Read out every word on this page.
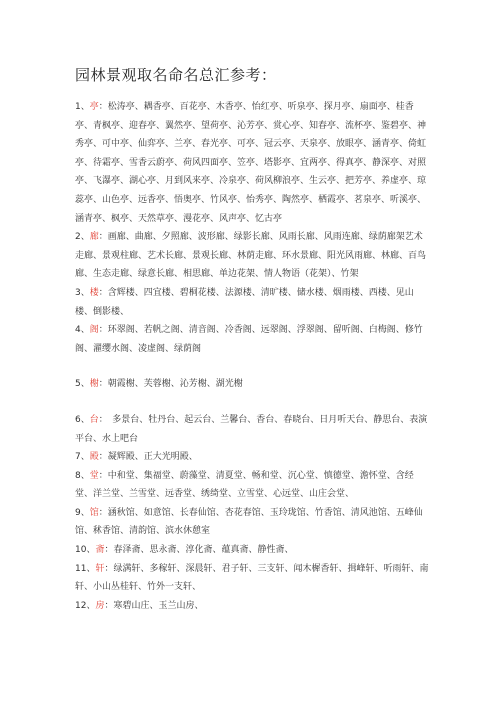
园林景观取名命名总汇参考：

1、亭：松涛亭、耦香亭、百花亭、木香亭、怡红亭、听泉亭、探月亭、扇面亭、桂香亭、青枫亭、迎春亭、翼然亭、望荷亭、沁芳亭、赏心亭、知春亭、流杯亭、鉴碧亭、神秀亭、可中亭、仙弈亭、兰亭、春光亭、可亭、冠云亭、天泉亭、放眼亭、涵青亭、倚虹亭、待霜亭、雪香云蔚亭、荷风四面亭、笠亭、塔影亭、宜两亭、得真亭、静深亭、对照亭、飞瀑亭、湖心亭、月到风来亭、冷泉亭、荷风柳浪亭、生云亭、把芳亭、养虚亭、琼蕊亭、山色亭、远香亭、悟奥亭、竹风亭、怡秀亭、陶然亭、栖霞亭、茗泉亭、听溪亭、涵青亭、枫亭、天然草亭、漫花亭、风声亭、忆古亭

2、廊：画廊、曲廊、夕照廊、波形廊、绿影长廊、风雨长廊、风雨连廊、绿荫廊架艺术走廊、景观柱廊、艺术长廊、景观长廊、林荫走廊、环水景廊、阳光风雨廊、林廊、百鸟廊、生态走廊、绿意长廊、相思廊、单边花架、情人物语（花架）、竹架

3、楼：含辉楼、四宜楼、碧桐花楼、法源楼、清旷楼、储水楼、烟雨楼、西楼、见山楼、倒影楼、

4、阁：环翠阁、若帆之阁、清音阁、冷香阁、远翠阁、浮翠阁、留听阁、白梅阁、修竹阁、濯缨水阁、凌虚阁、绿荫阁

5、榭：朝霞榭、芙蓉榭、沁芳榭、湖光榭

6、台：　多景台、牡丹台、起云台、兰馨台、香台、春晓台、日月听天台、静思台、表演平台、水上吧台

7、殿：凝辉殿、正大光明殿、

8、堂：中和堂、集福堂、蔚藻堂、清夏堂、畅和堂、沉心堂、慎德堂、澹怀堂、含经堂、洋兰堂、兰雪堂、远香堂、绣绮堂、立雪堂、心远堂、山庄会堂、

9、馆：涵秋馆、如意馆、长春仙馆、杏花春馆、玉玲珑馆、竹香馆、清风池馆、五峰仙馆、秫香馆、清韵馆、滨水休憩室

10、斋：春泽斋、思永斋、淳化斋、蕴真斋、静性斋、

11、轩：绿满轩、多稼轩、深晨轩、君子轩、三支轩、闻木樨香轩、揖峰轩、听雨轩、南轩、小山丛桂轩、竹外一支轩、

12、房：寒碧山庄、玉兰山房、
